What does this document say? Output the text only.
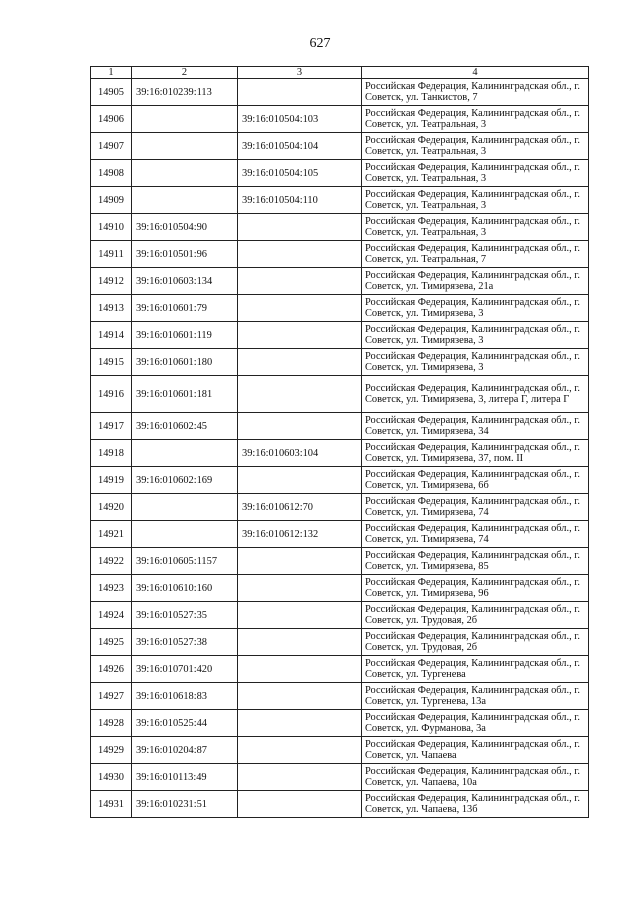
627
1	2	3	4
14905	39:16:010239:113		Российская Федерация, Калининградская обл., г. Советск, ул. Танкистов, 7
14906		39:16:010504:103	Российская Федерация, Калининградская обл., г. Советск, ул. Театральная, 3
14907		39:16:010504:104	Российская Федерация, Калининградская обл., г. Советск, ул. Театральная, 3
14908		39:16:010504:105	Российская Федерация, Калининградская обл., г. Советск, ул. Театральная, 3
14909		39:16:010504:110	Российская Федерация, Калининградская обл., г. Советск, ул. Театральная, 3
14910	39:16:010504:90		Российская Федерация, Калининградская обл., г. Советск, ул. Театральная, 3
14911	39:16:010501:96		Российская Федерация, Калининградская обл., г. Советск, ул. Театральная, 7
14912	39:16:010603:134		Российская Федерация, Калининградская обл., г. Советск, ул. Тимирязева, 21а
14913	39:16:010601:79		Российская Федерация, Калининградская обл., г. Советск, ул. Тимирязева, 3
14914	39:16:010601:119		Российская Федерация, Калининградская обл., г. Советск, ул. Тимирязева, 3
14915	39:16:010601:180		Российская Федерация, Калининградская обл., г. Советск, ул. Тимирязева, 3
14916	39:16:010601:181		Российская Федерация, Калининградская обл., г. Советск, ул. Тимирязева, 3, литера Г, литера Г
14917	39:16:010602:45		Российская Федерация, Калининградская обл., г. Советск, ул. Тимирязева, 34
14918		39:16:010603:104	Российская Федерация, Калининградская обл., г. Советск, ул. Тимирязева, 37, пом. II
14919	39:16:010602:169		Российская Федерация, Калининградская обл., г. Советск, ул. Тимирязева, 6б
14920		39:16:010612:70	Российская Федерация, Калининградская обл., г. Советск, ул. Тимирязева, 74
14921		39:16:010612:132	Российская Федерация, Калининградская обл., г. Советск, ул. Тимирязева, 74
14922	39:16:010605:1157		Российская Федерация, Калининградская обл., г. Советск, ул. Тимирязева, 85
14923	39:16:010610:160		Российская Федерация, Калининградская обл., г. Советск, ул. Тимирязева, 96
14924	39:16:010527:35		Российская Федерация, Калининградская обл., г. Советск, ул. Трудовая, 2б
14925	39:16:010527:38		Российская Федерация, Калининградская обл., г. Советск, ул. Трудовая, 2б
14926	39:16:010701:420		Российская Федерация, Калининградская обл., г. Советск, ул. Тургенева
14927	39:16:010618:83		Российская Федерация, Калининградская обл., г. Советск, ул. Тургенева, 13а
14928	39:16:010525:44		Российская Федерация, Калининградская обл., г. Советск, ул. Фурманова, 3а
14929	39:16:010204:87		Российская Федерация, Калининградская обл., г. Советск, ул. Чапаева
14930	39:16:010113:49		Российская Федерация, Калининградская обл., г. Советск, ул. Чапаева, 10а
14931	39:16:010231:51		Российская Федерация, Калининградская обл., г. Советск, ул. Чапаева, 13б
